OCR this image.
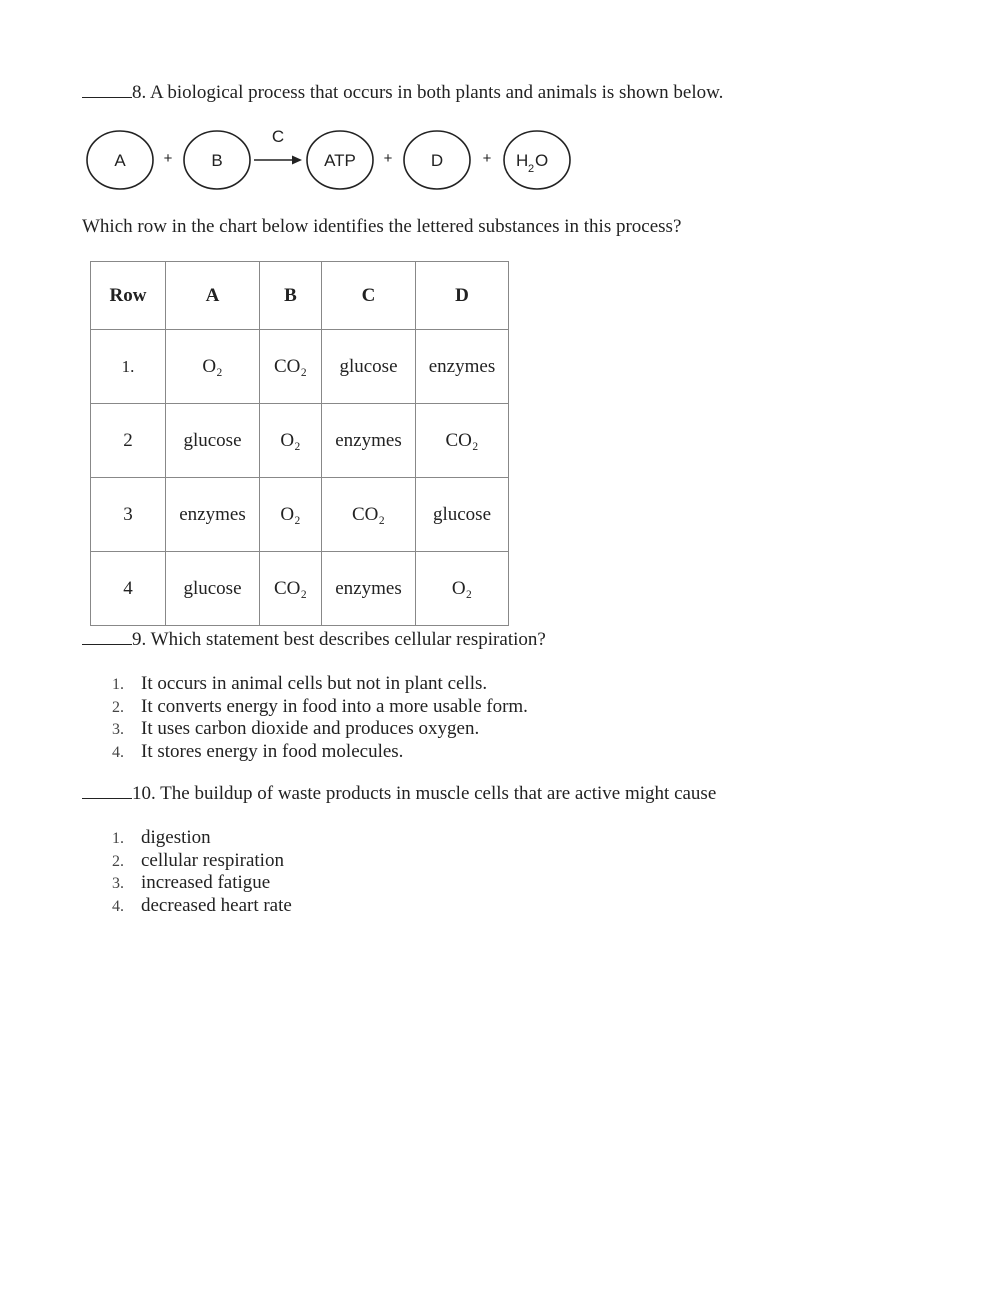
8. A biological process that occurs in both plants and animals is shown below.

A	+ B
C
ATP + D	+ H 2 O

Which row in the chart below identifies the lettered substances in this process?

Row	A	B	C	D
1.	O₂	CO₂	glucose	enzymes
2	glucose	O₂	enzymes	CO₂
3	enzymes	O₂	CO₂	glucose
4	glucose	CO₂	enzymes	O₂

9. Which statement best describes cellular respiration?

1. It occurs in animal cells but not in plant cells.
2. It converts energy in food into a more usable form.
3. It uses carbon dioxide and produces oxygen.
4. It stores energy in food molecules.

10. The buildup of waste products in muscle cells that are active might cause

1. digestion
2. cellular respiration
3. increased fatigue
4. decreased heart rate
